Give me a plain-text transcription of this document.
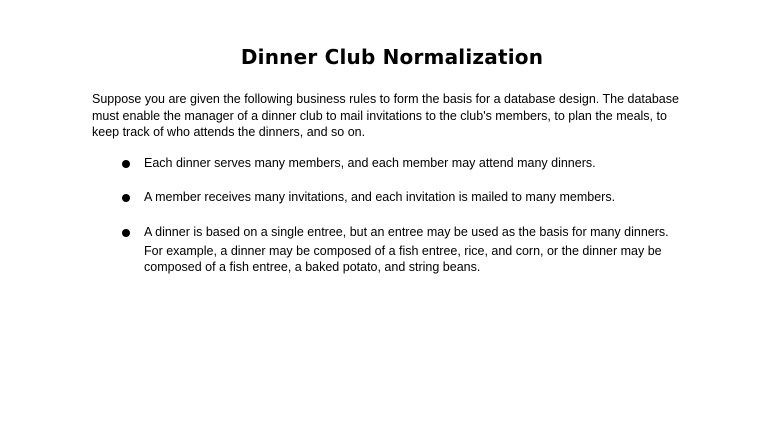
Dinner Club Normalization

Suppose you are given the following business rules to form the basis for a database design. The database must enable the manager of a dinner club to mail invitations to the club's members, to plan the meals, to keep track of who attends the dinners, and so on.

Each dinner serves many members, and each member may attend many dinners.
A member receives many invitations, and each invitation is mailed to many members.
A dinner is based on a single entree, but an entree may be used as the basis for many dinners.
For example, a dinner may be composed of a fish entree, rice, and corn, or the dinner may be composed of a fish entree, a baked potato, and string beans.
